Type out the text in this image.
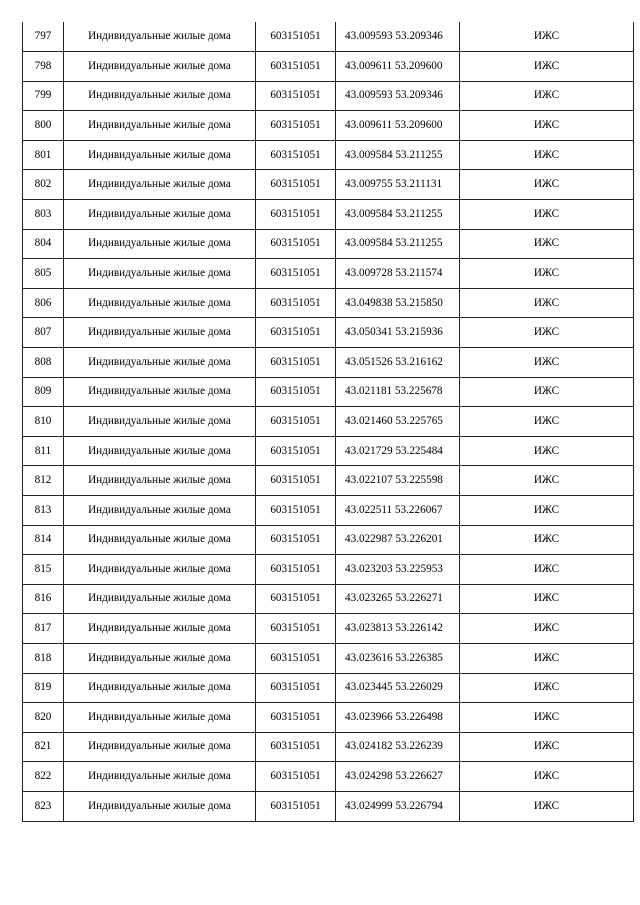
797	Индивидуальные жилые дома	603151051	43.009593 53.209346	ИЖС
798	Индивидуальные жилые дома	603151051	43.009611 53.209600	ИЖС
799	Индивидуальные жилые дома	603151051	43.009593 53.209346	ИЖС
800	Индивидуальные жилые дома	603151051	43.009611 53.209600	ИЖС
801	Индивидуальные жилые дома	603151051	43.009584 53.211255	ИЖС
802	Индивидуальные жилые дома	603151051	43.009755 53.211131	ИЖС
803	Индивидуальные жилые дома	603151051	43.009584 53.211255	ИЖС
804	Индивидуальные жилые дома	603151051	43.009584 53.211255	ИЖС
805	Индивидуальные жилые дома	603151051	43.009728 53.211574	ИЖС
806	Индивидуальные жилые дома	603151051	43.049838 53.215850	ИЖС
807	Индивидуальные жилые дома	603151051	43.050341 53.215936	ИЖС
808	Индивидуальные жилые дома	603151051	43.051526 53.216162	ИЖС
809	Индивидуальные жилые дома	603151051	43.021181 53.225678	ИЖС
810	Индивидуальные жилые дома	603151051	43.021460 53.225765	ИЖС
811	Индивидуальные жилые дома	603151051	43.021729 53.225484	ИЖС
812	Индивидуальные жилые дома	603151051	43.022107 53.225598	ИЖС
813	Индивидуальные жилые дома	603151051	43.022511 53.226067	ИЖС
814	Индивидуальные жилые дома	603151051	43.022987 53.226201	ИЖС
815	Индивидуальные жилые дома	603151051	43.023203 53.225953	ИЖС
816	Индивидуальные жилые дома	603151051	43.023265 53.226271	ИЖС
817	Индивидуальные жилые дома	603151051	43.023813 53.226142	ИЖС
818	Индивидуальные жилые дома	603151051	43.023616 53.226385	ИЖС
819	Индивидуальные жилые дома	603151051	43.023445 53.226029	ИЖС
820	Индивидуальные жилые дома	603151051	43.023966 53.226498	ИЖС
821	Индивидуальные жилые дома	603151051	43.024182 53.226239	ИЖС
822	Индивидуальные жилые дома	603151051	43.024298 53.226627	ИЖС
823	Индивидуальные жилые дома	603151051	43.024999 53.226794	ИЖС
